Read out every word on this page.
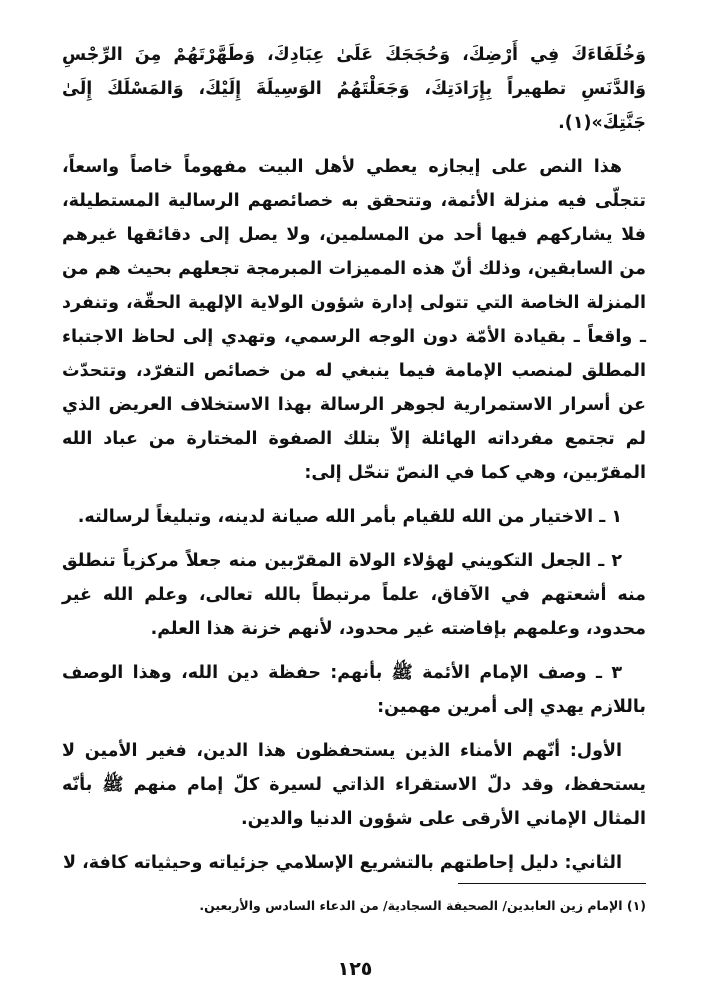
وَخُلَفَاءَكَ فِي أَرْضِكَ، وَحُجَجَكَ عَلَىٰ عِبَادِكَ، وَطَهَّرْتَهُمْ مِنَ الرِّجْسِ وَالدَّنَسِ تطهيراً بِإِرَادَتِكَ، وَجَعَلْتَهُمُ الوَسِيلَةَ إِلَيْكَ، وَالمَسْلَكَ إِلَىٰ جَنَّتِكَ»(١).

هذا النص على إيجازه يعطي لأهل البيت مفهوماً خاصاً واسعاً، تتجلّى فيه منزلة الأئمة، وتتحقق به خصائصهم الرسالية المستطيلة، فلا يشاركهم فيها أحد من المسلمين، ولا يصل إلى دقائقها غيرهم من السابقين، وذلك أنّ هذه المميزات المبرمجة تجعلهم بحيث هم من المنزلة الخاصة التي تتولى إدارة شؤون الولاية الإلهية الحقّة، وتنفرد ـ واقعاً ـ بقيادة الأمّة دون الوجه الرسمي، وتهدي إلى لحاظ الاجتباء المطلق لمنصب الإمامة فيما ينبغي له من خصائص التفرّد، وتتحدّث عن أسرار الاستمرارية لجوهر الرسالة بهذا الاستخلاف العريض الذي لم تجتمع مفرداته الهائلة إلاّ بتلك الصفوة المختارة من عباد الله المقرّبين، وهي كما في النصّ تنحّل إلى:

١ ـ الاختيار من الله للقيام بأمر الله صيانة لدينه، وتبليغاً لرسالته.

٢ ـ الجعل التكويني لهؤلاء الولاة المقرّبين منه جعلاً مركزياً تنطلق منه أشعتهم في الآفاق، علماً مرتبطاً بالله تعالى، وعلم الله غير محدود، وعلمهم بإفاضته غير محدود، لأنهم خزنة هذا العلم.

٣ ـ وصف الإمام الأئمة ﷺ بأنهم: حفظة دين الله، وهذا الوصف باللازم يهدي إلى أمرين مهمين:

الأول: أنّهم الأمناء الذين يستحفظون هذا الدين، فغير الأمين لا يستحفظ، وقد دلّ الاستقراء الذاتي لسيرة كلّ إمام منهم ﷺ بأنّه المثال الإماني الأرقى على شؤون الدنيا والدين.

الثاني: دليل إحاطتهم بالتشريع الإسلامي جزئياته وحيثياته كافة، لا

(١) الإمام زين العابدين/ الصحيفة السجادية/ من الدعاء السادس والأربعين.
١٢٥
